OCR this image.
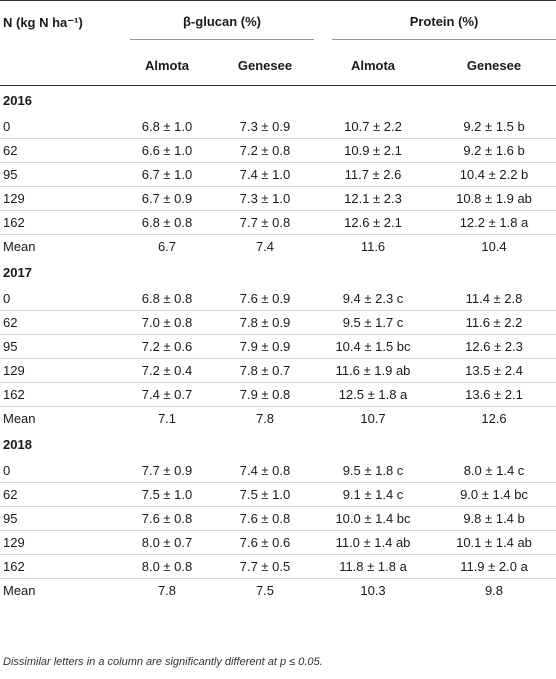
N (kg N ha⁻¹)	β-glucan (%)		Protein (%)	

	Almota	Genesee	Almota	Genesee
2016				
0	6.8 ± 1.0	7.3 ± 0.9	10.7 ± 2.2	9.2 ± 1.5 b
62	6.6 ± 1.0	7.2 ± 0.8	10.9 ± 2.1	9.2 ± 1.6 b
95	6.7 ± 1.0	7.4 ± 1.0	11.7 ± 2.6	10.4 ± 2.2 b
129	6.7 ± 0.9	7.3 ± 1.0	12.1 ± 2.3	10.8 ± 1.9 ab
162	6.8 ± 0.8	7.7 ± 0.8	12.6 ± 2.1	12.2 ± 1.8 a
Mean	6.7	7.4	11.6	10.4
2017				
0	6.8 ± 0.8	7.6 ± 0.9	9.4 ± 2.3 c	11.4 ± 2.8
62	7.0 ± 0.8	7.8 ± 0.9	9.5 ± 1.7 c	11.6 ± 2.2
95	7.2 ± 0.6	7.9 ± 0.9	10.4 ± 1.5 bc	12.6 ± 2.3
129	7.2 ± 0.4	7.8 ± 0.7	11.6 ± 1.9 ab	13.5 ± 2.4
162	7.4 ± 0.7	7.9 ± 0.8	12.5 ± 1.8 a	13.6 ± 2.1
Mean	7.1	7.8	10.7	12.6
2018				
0	7.7 ± 0.9	7.4 ± 0.8	9.5 ± 1.8 c	8.0 ± 1.4 c
62	7.5 ± 1.0	7.5 ± 1.0	9.1 ± 1.4 c	9.0 ± 1.4 bc
95	7.6 ± 0.8	7.6 ± 0.8	10.0 ± 1.4 bc	9.8 ± 1.4 b
129	8.0 ± 0.7	7.6 ± 0.6	11.0 ± 1.4 ab	10.1 ± 1.4 ab
162	8.0 ± 0.8	7.7 ± 0.5	11.8 ± 1.8 a	11.9 ± 2.0 a
Mean	7.8	7.5	10.3	9.8
Dissimilar letters in a column are significantly different at p ≤ 0.05.
